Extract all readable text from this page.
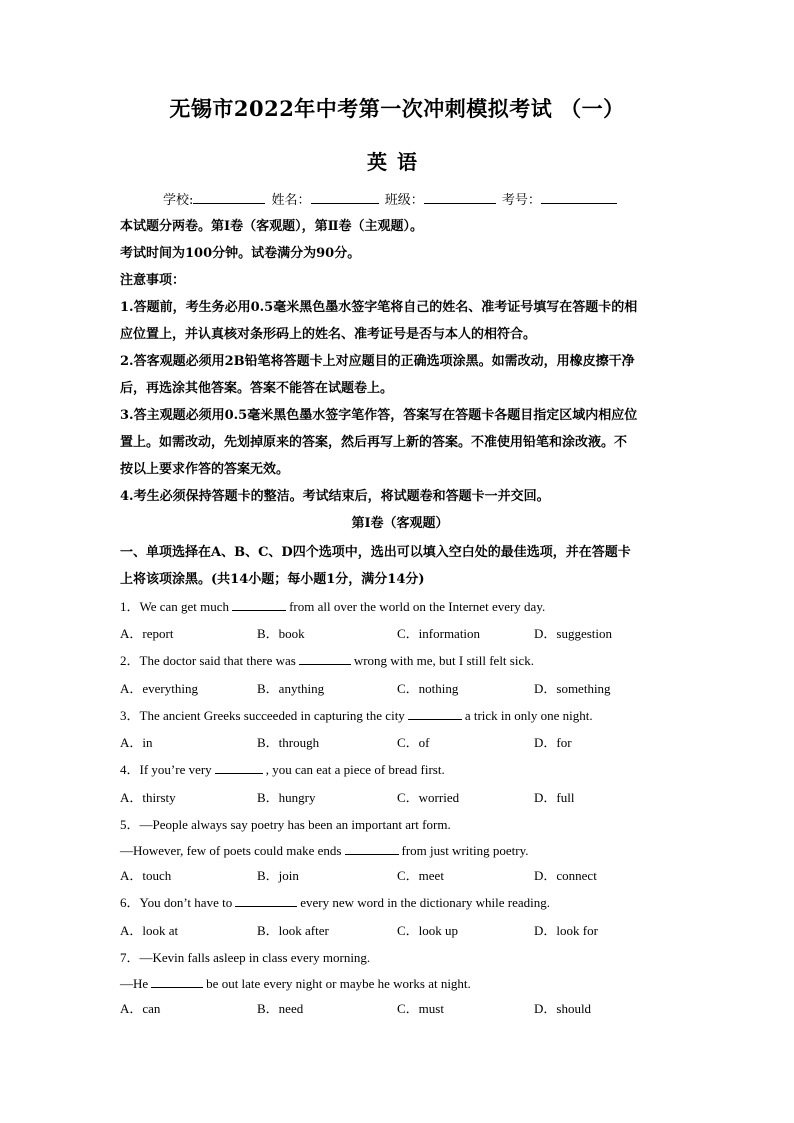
无锡市2022年中考第一次冲刺模拟考试 （一）
英语
学校:	姓名：	班级：	考号：
本试题分两卷。第Ⅰ卷（客观题），第Ⅱ卷（主观题）。
考试时间为100分钟。试卷满分为90分。
注意事项：
1.答题前，考生务必用0.5毫米黑色墨水签字笔将自己的姓名、准考证号填写在答题卡的相
应位置上，并认真核对条形码上的姓名、准考证号是否与本人的相符合。
2.答客观题必须用2B铅笔将答题卡上对应题目的正确选项涂黑。如需改动，用橡皮擦干净
后，再选涂其他答案。答案不能答在试题卷上。
3.答主观题必须用0.5毫米黑色墨水签字笔作答，答案写在答题卡各题目指定区域内相应位
置上。如需改动，先划掉原来的答案，然后再写上新的答案。不准使用铅笔和涂改液。不
按以上要求作答的答案无效。
4.考生必须保持答题卡的整洁。考试结束后，将试题卷和答题卡一并交回。
第Ⅰ卷（客观题）
一、单项选择在A、B、C、D四个选项中，选出可以填入空白处的最佳选项，并在答题卡
上将该项涂黑。(共14小题；每小题1分，满分14分)
1．We can get much	from all over the world on the Internet every day.
A．report	B．book	C．information	D．suggestion
2．The doctor said that there was	wrong with me, but I still felt sick.
A．everything	B．anything	C．nothing	D．something
3．The ancient Greeks succeeded in capturing the city	a trick in only one night.
A．in	B．through	C．of	D．for
4．If you’re very	, you can eat a piece of bread first.
A．thirsty	B．hungry	C．worried	D．full
5．—People always say poetry has been an important art form.
—However, few of poets could make ends	from just writing poetry.
A．touch	B．join	C．meet	D．connect
6．You don’t have to	every new word in the dictionary while reading.
A．look at	B．look after	C．look up	D．look for
7．—Kevin falls asleep in class every morning.
—He	be out late every night or maybe he works at night.
A．can	B．need	C．must	D．should
